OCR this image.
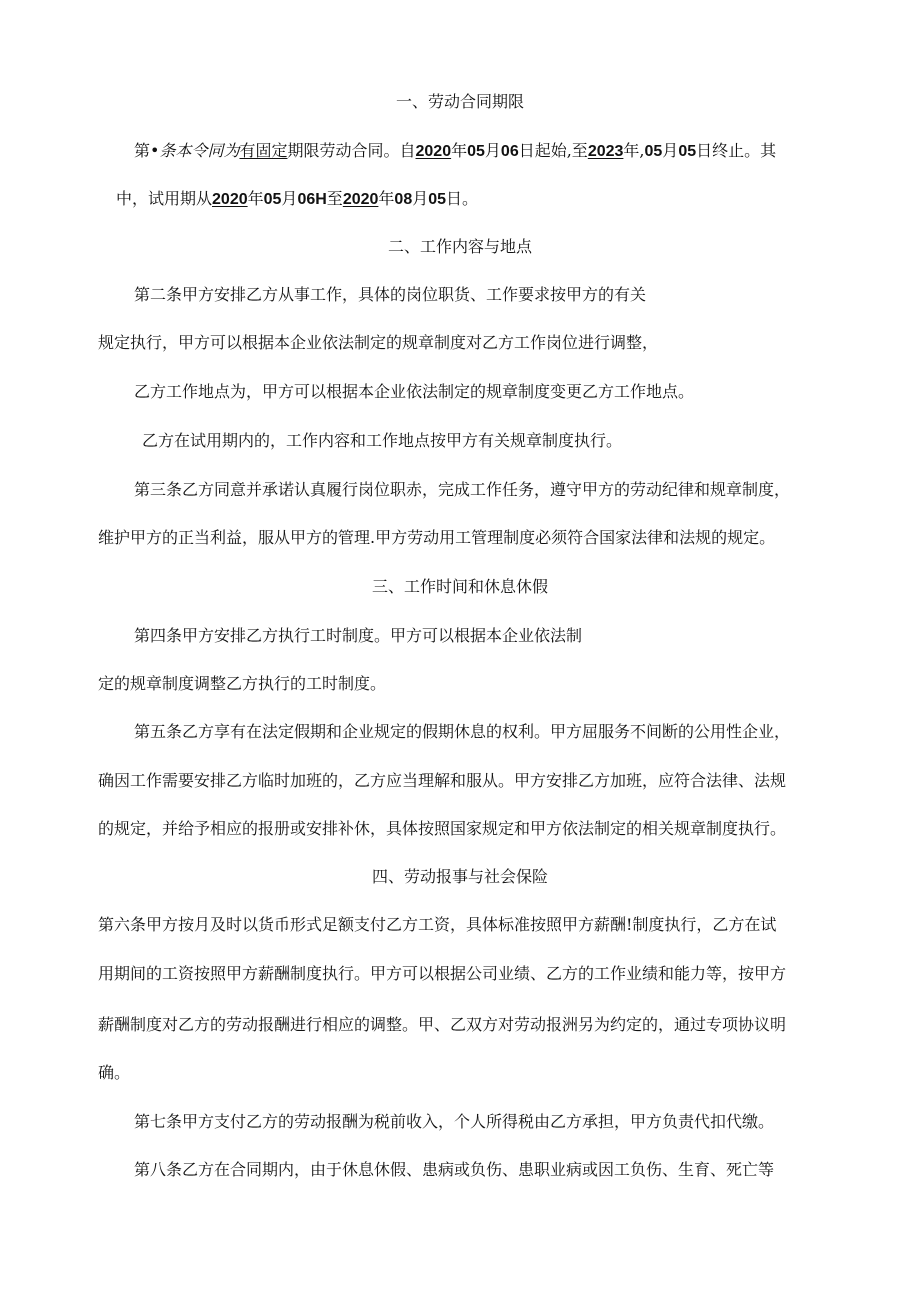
一、劳动合同期限
第•条本令同为有固定期限劳动合同。自2020年05月06日起始,至2023年,05月05日终止。其
中，试用期从2020年05月06H至2020年08月05日。
二、工作内容与地点
第二条甲方安排乙方从事工作，具体的岗位职货、工作要求按甲方的有关
规定执行，甲方可以根据本企业依法制定的规章制度对乙方工作岗位进行调整，
乙方工作地点为，甲方可以根据本企业依法制定的规章制度变更乙方工作地点。
乙方在试用期内的，工作内容和工作地点按甲方有关规章制度执行。
第三条乙方同意并承诺认真履行岗位职赤，完成工作任务，遵守甲方的劳动纪律和规章制度，
维护甲方的正当利益，服从甲方的管理.甲方劳动用工管理制度必须符合国家法律和法规的规定。
三、工作时间和休息休假
第四条甲方安排乙方执行工时制度。甲方可以根据本企业依法制
定的规章制度调整乙方执行的工时制度。
第五条乙方享有在法定假期和企业规定的假期休息的权利。甲方屈服务不间断的公用性企业，
确因工作需要安排乙方临时加班的，乙方应当理解和服从。甲方安排乙方加班，应符合法律、法规
的规定，并给予相应的报册或安排补休，具体按照国家规定和甲方依法制定的相关规章制度执行。
四、劳动报事与社会保险
第六条甲方按月及时以货币形式足额支付乙方工资，具体标准按照甲方薪酬!制度执行，乙方在试
用期间的工资按照甲方薪酬制度执行。甲方可以根据公司业绩、乙方的工作业绩和能力等，按甲方
薪酬制度对乙方的劳动报酬进行相应的调整。甲、乙双方对劳动报洲另为约定的，通过专项协议明
确。
第七条甲方支付乙方的劳动报酬为税前收入，个人所得税由乙方承担，甲方负责代扣代缴。
第八条乙方在合同期内，由于休息休假、患病或负伤、患职业病或因工负伤、生育、死亡等
